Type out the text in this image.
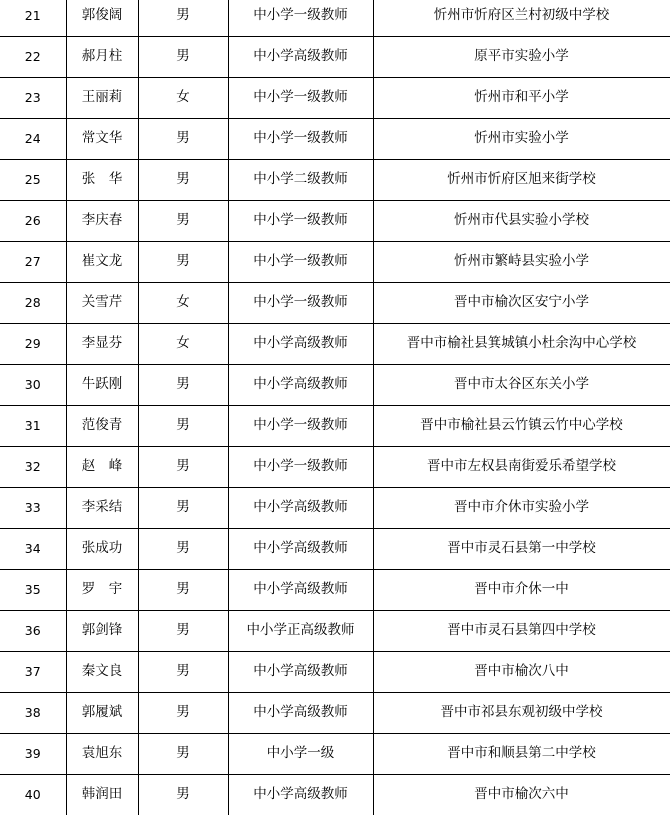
21	郭俊阔	男	中小学一级教师	忻州市忻府区兰村初级中学校
22	郝月柱	男	中小学高级教师	原平市实验小学
23	王丽莉	女	中小学一级教师	忻州市和平小学
24	常文华	男	中小学一级教师	忻州市实验小学
25	张　华	男	中小学二级教师	忻州市忻府区旭来街学校
26	李庆春	男	中小学一级教师	忻州市代县实验小学校
27	崔文龙	男	中小学一级教师	忻州市繁峙县实验小学
28	关雪芹	女	中小学一级教师	晋中市榆次区安宁小学
29	李显芬	女	中小学高级教师	晋中市榆社县箕城镇小杜余沟中心学校
30	牛跃刚	男	中小学高级教师	晋中市太谷区东关小学
31	范俊青	男	中小学一级教师	晋中市榆社县云竹镇云竹中心学校
32	赵　峰	男	中小学一级教师	晋中市左权县南街爱乐希望学校
33	李采结	男	中小学高级教师	晋中市介休市实验小学
34	张成功	男	中小学高级教师	晋中市灵石县第一中学校
35	罗　宇	男	中小学高级教师	晋中市介休一中
36	郭剑锋	男	中小学正高级教师	晋中市灵石县第四中学校
37	秦文良	男	中小学高级教师	晋中市榆次八中
38	郭履斌	男	中小学高级教师	晋中市祁县东观初级中学校
39	袁旭东	男	中小学一级	晋中市和顺县第二中学校
40	韩润田	男	中小学高级教师	晋中市榆次六中
